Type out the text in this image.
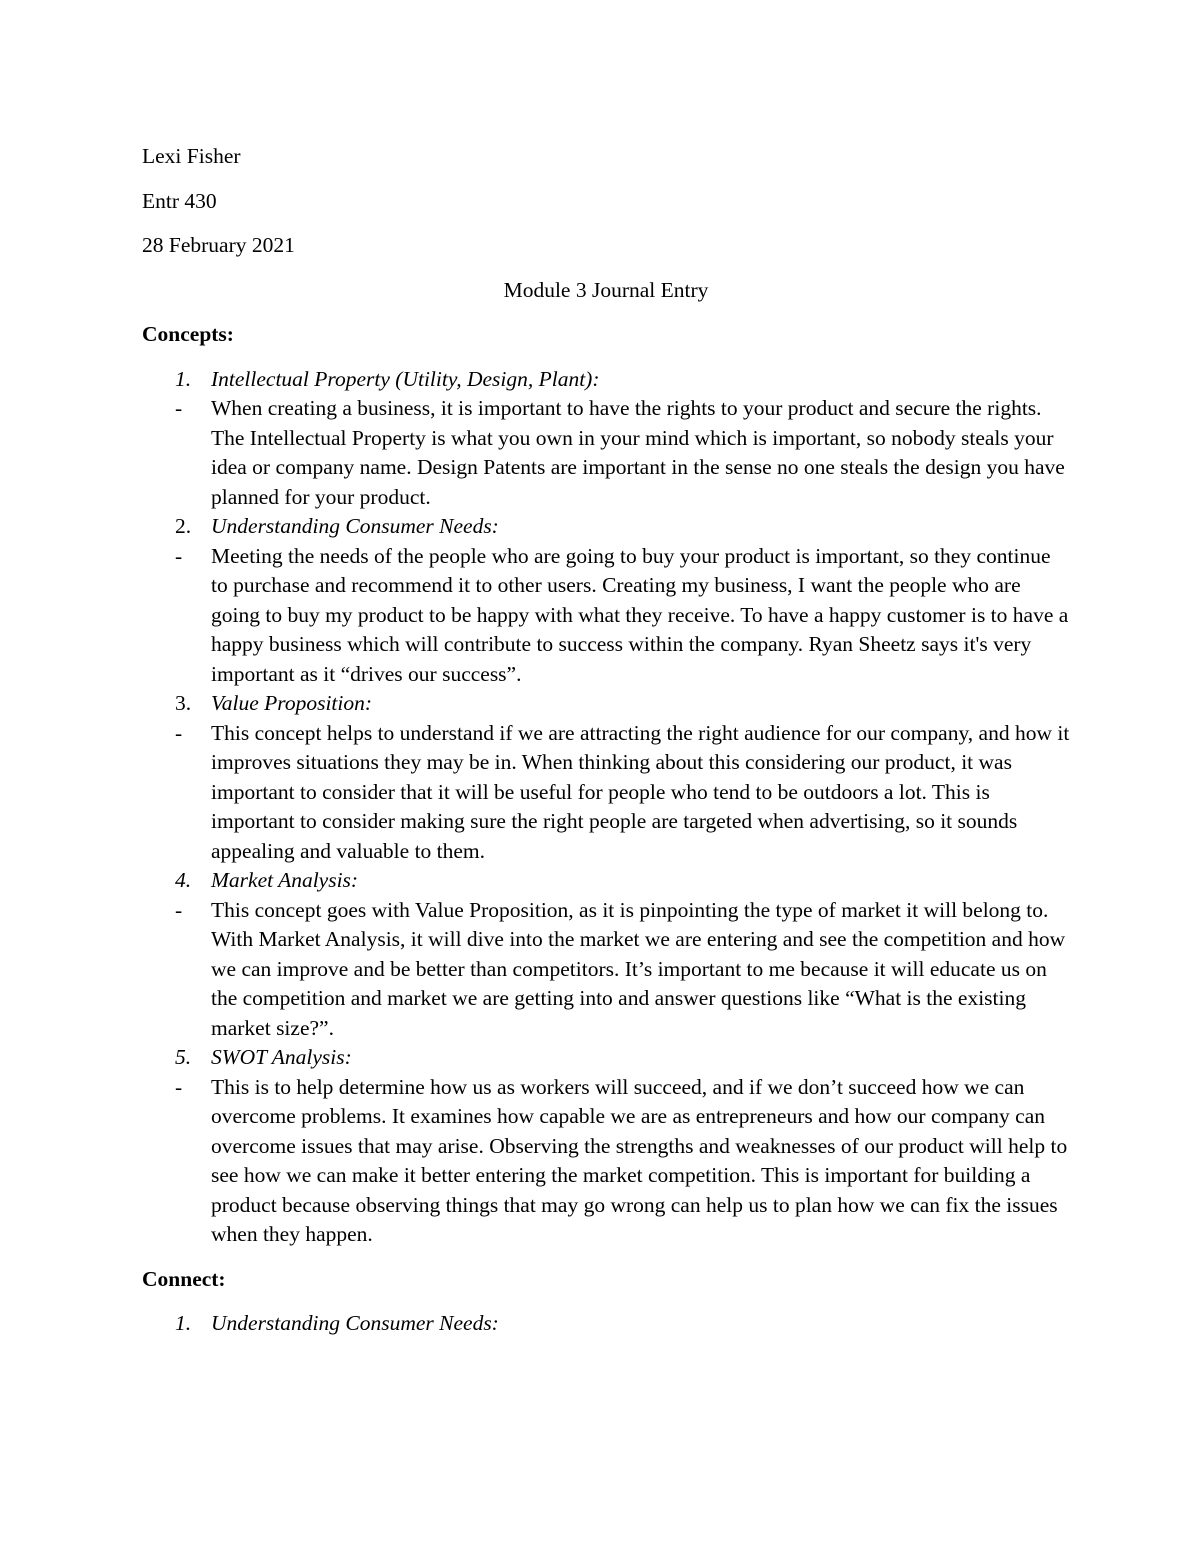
Lexi Fisher

Entr 430

28 February 2021

Module 3 Journal Entry

Concepts:

1. Intellectual Property (Utility, Design, Plant):
- When creating a business, it is important to have the rights to your product and secure the rights. The Intellectual Property is what you own in your mind which is important, so nobody steals your idea or company name. Design Patents are important in the sense no one steals the design you have planned for your product.
2. Understanding Consumer Needs:
- Meeting the needs of the people who are going to buy your product is important, so they continue to purchase and recommend it to other users. Creating my business, I want the people who are going to buy my product to be happy with what they receive. To have a happy customer is to have a happy business which will contribute to success within the company. Ryan Sheetz says it's very important as it “drives our success”.
3. Value Proposition:
- This concept helps to understand if we are attracting the right audience for our company, and how it improves situations they may be in. When thinking about this considering our product, it was important to consider that it will be useful for people who tend to be outdoors a lot. This is important to consider making sure the right people are targeted when advertising, so it sounds appealing and valuable to them.
4. Market Analysis:
- This concept goes with Value Proposition, as it is pinpointing the type of market it will belong to. With Market Analysis, it will dive into the market we are entering and see the competition and how we can improve and be better than competitors. It’s important to me because it will educate us on the competition and market we are getting into and answer questions like “What is the existing market size?”.
5. SWOT Analysis:
- This is to help determine how us as workers will succeed, and if we don’t succeed how we can overcome problems. It examines how capable we are as entrepreneurs and how our company can overcome issues that may arise. Observing the strengths and weaknesses of our product will help to see how we can make it better entering the market competition. This is important for building a product because observing things that may go wrong can help us to plan how we can fix the issues when they happen.

Connect:

1. Understanding Consumer Needs:
